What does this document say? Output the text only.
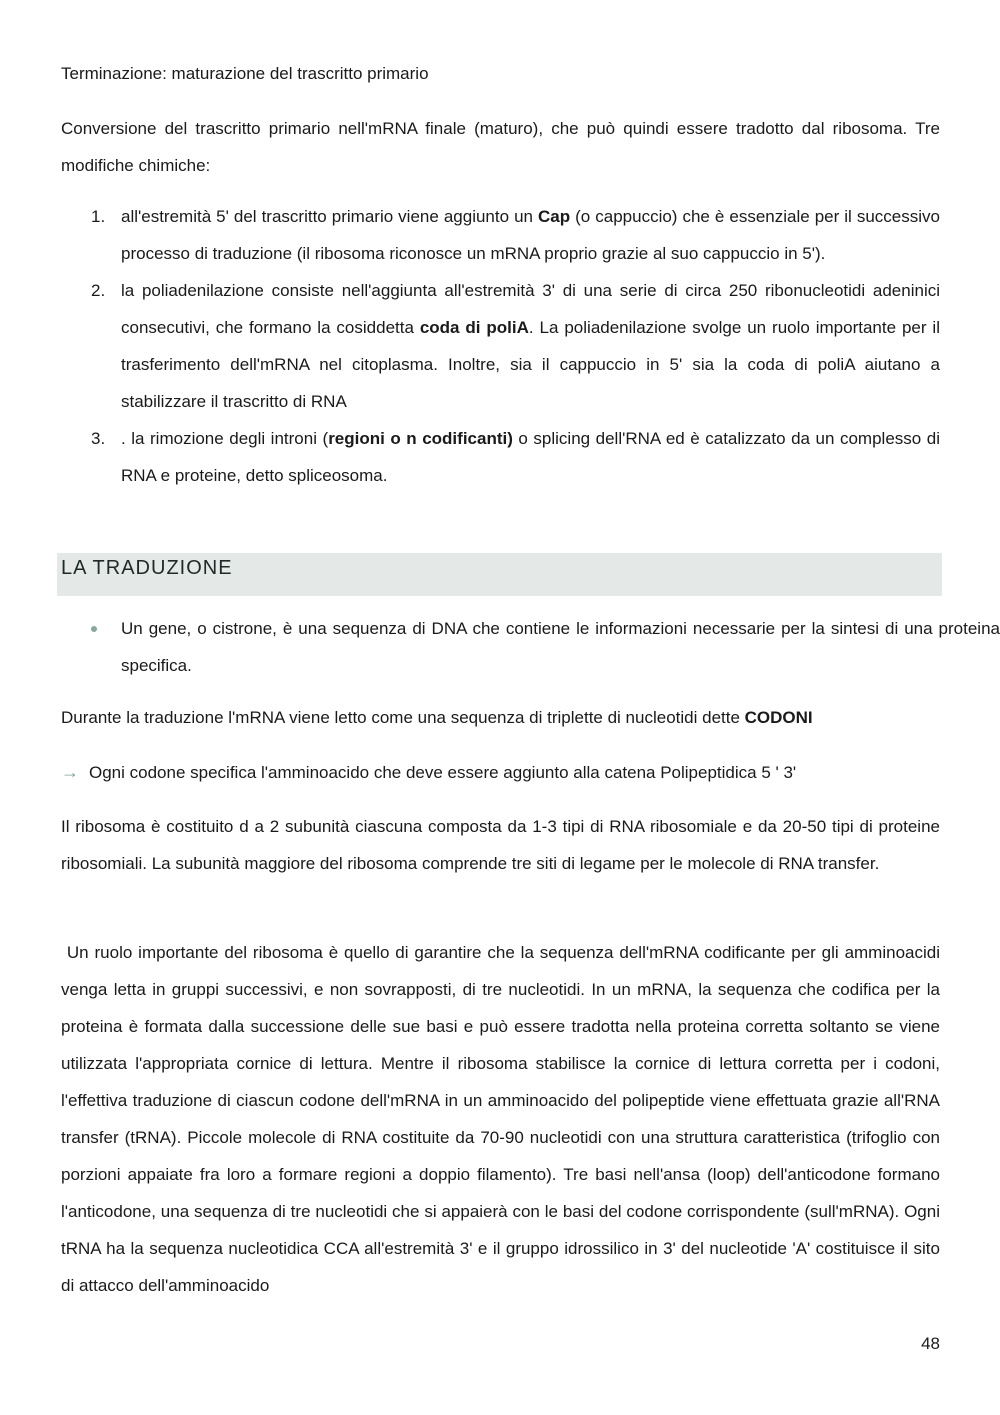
Terminazione: maturazione del trascritto primario

Conversione del trascritto primario nell'mRNA finale (maturo), che può quindi essere tradotto dal ribosoma. Tre modifiche chimiche:

1. all'estremità 5' del trascritto primario viene aggiunto un Cap (o cappuccio) che è essenziale per il successivo processo di traduzione (il ribosoma riconosce un mRNA proprio grazie al suo cappuccio in 5').
2. la poliadenilazione consiste nell'aggiunta all'estremità 3' di una serie di circa 250 ribonucleotidi adeninici consecutivi, che formano la cosiddetta coda di poliA. La poliadenilazione svolge un ruolo importante per il trasferimento dell'mRNA nel citoplasma. Inoltre, sia il cappuccio in 5' sia la coda di poliA aiutano a stabilizzare il trascritto di RNA
3. . la rimozione degli introni (regioni o n codificanti) o splicing dell'RNA ed è catalizzato da un complesso di RNA e proteine, detto spliceosoma.
LA TRADUZIONE
Un gene, o cistrone, è una sequenza di DNA che contiene le informazioni necessarie per la sintesi di una proteina specifica.

Durante la traduzione l'mRNA viene letto come una sequenza di triplette di nucleotidi dette CODONI

→ Ogni codone specifica l'amminoacido che deve essere aggiunto alla catena Polipeptidica 5 ' 3'

Il ribosoma è costituito d a 2 subunità ciascuna composta da 1-3 tipi di RNA ribosomiale e da 20-50 tipi di proteine ribosomiali. La subunità maggiore del ribosoma comprende tre siti di legame per le molecole di RNA transfer.

Un ruolo importante del ribosoma è quello di garantire che la sequenza dell'mRNA codificante per gli amminoacidi venga letta in gruppi successivi, e non sovrapposti, di tre nucleotidi. In un mRNA, la sequenza che codifica per la proteina è formata dalla successione delle sue basi e può essere tradotta nella proteina corretta soltanto se viene utilizzata l'appropriata cornice di lettura. Mentre il ribosoma stabilisce la cornice di lettura corretta per i codoni, l'effettiva traduzione di ciascun codone dell'mRNA in un amminoacido del polipeptide viene effettuata grazie all'RNA transfer (tRNA). Piccole molecole di RNA costituite da 70-90 nucleotidi con una struttura caratteristica (trifoglio con porzioni appaiate fra loro a formare regioni a doppio filamento). Tre basi nell'ansa (loop) dell'anticodone formano l'anticodone, una sequenza di tre nucleotidi che si appaierà con le basi del codone corrispondente (sull'mRNA). Ogni tRNA ha la sequenza nucleotidica CCA all'estremità 3' e il gruppo idrossilico in 3' del nucleotide 'A' costituisce il sito di attacco dell'amminoacido

48
